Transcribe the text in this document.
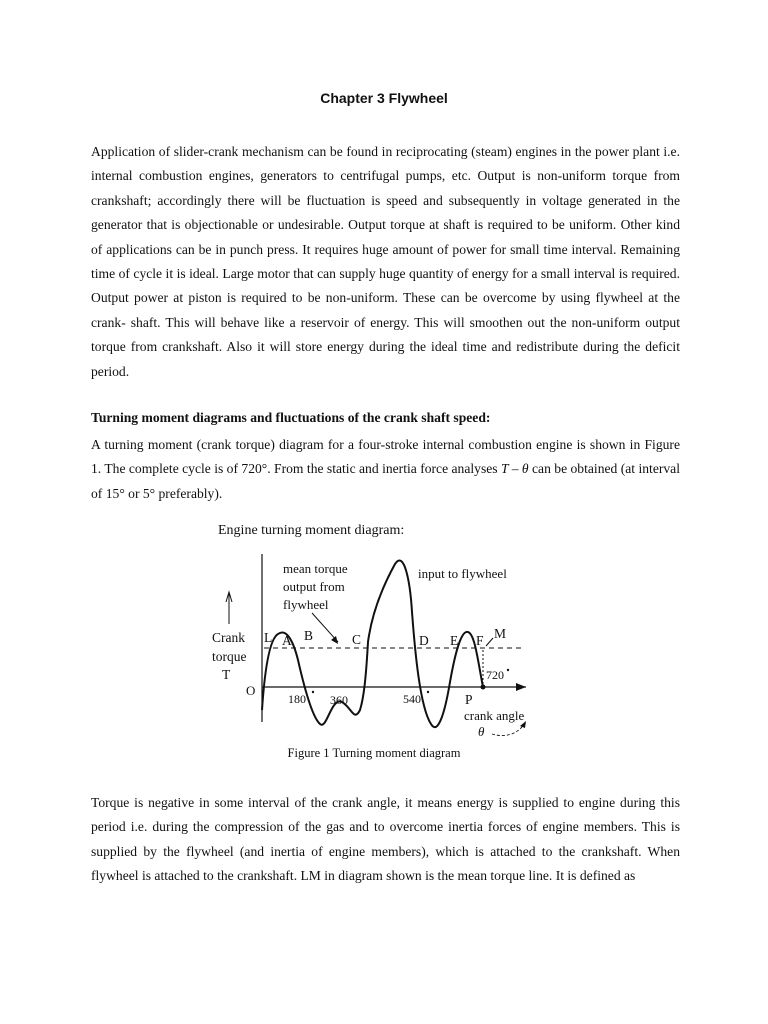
Chapter 3 Flywheel

Application of slider-crank mechanism can be found in reciprocating (steam) engines in the power plant i.e. internal combustion engines, generators to centrifugal pumps, etc. Output is non-uniform torque from crankshaft; accordingly there will be fluctuation is speed and subsequently in voltage generated in the generator that is objectionable or undesirable. Output torque at shaft is required to be uniform. Other kind of applications can be in punch press. It requires huge amount of power for small time interval. Remaining time of cycle it is ideal. Large motor that can supply huge quantity of energy for a small interval is required. Output power at piston is required to be non-uniform. These can be overcome by using flywheel at the crank- shaft. This will behave like a reservoir of energy. This will smoothen out the non-uniform output torque from crankshaft. Also it will store energy during the ideal time and redistribute during the deficit period.

Turning moment diagrams and fluctuations of the crank shaft speed:

A turning moment (crank torque) diagram for a four-stroke internal combustion engine is shown in Figure 1. The complete cycle is of 720°. From the static and inertia force analyses T – θ can be obtained (at interval of 15° or 5° preferably).

Engine turning moment diagram:
mean torque
output from
flywheel
input to flywheel
Crank
torque
T
O
L A B	C	D E F M
P
180 360	540
720
crank angle
θ
Figure 1 Turning moment diagram

Torque is negative in some interval of the crank angle, it means energy is supplied to engine during this period i.e. during the compression of the gas and to overcome inertia forces of engine members. This is supplied by the flywheel (and inertia of engine members), which is attached to the crankshaft. When flywheel is attached to the crankshaft. LM in diagram shown is the mean torque line. It is defined as
